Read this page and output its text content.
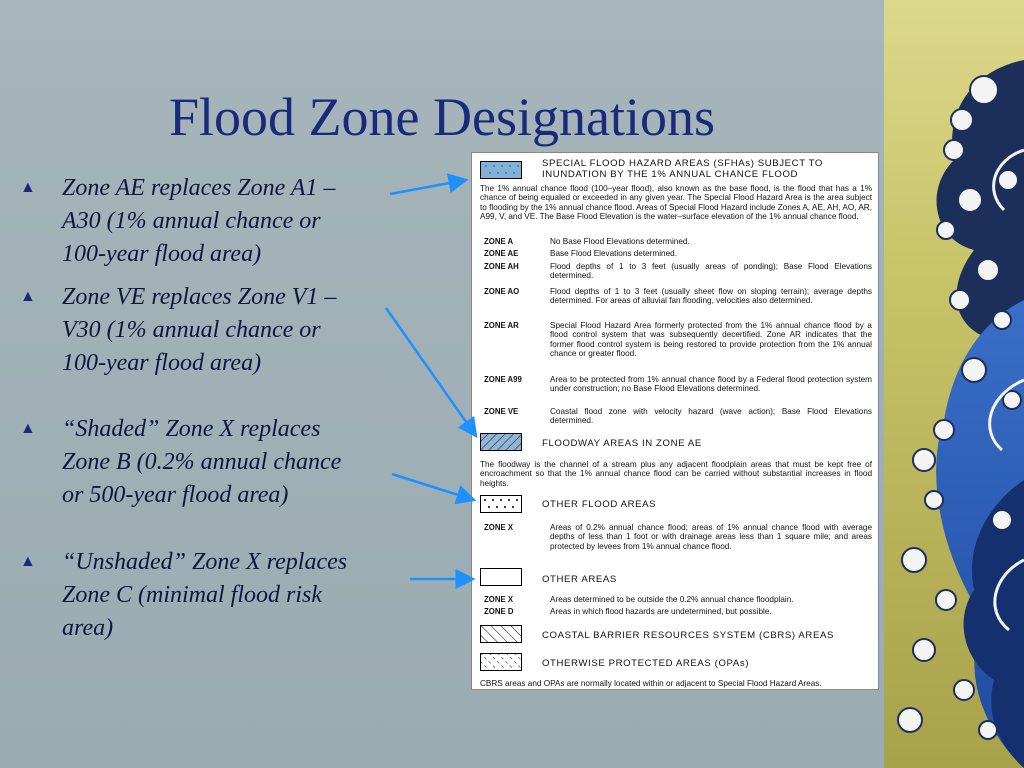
Flood Zone Designations
▲ Zone AE replaces Zone A1 –
A30 (1% annual chance or
100-year flood area)
▲ Zone VE replaces Zone V1 –
V30 (1% annual chance or
100-year flood area)
▲ “Shaded” Zone X replaces
Zone B (0.2% annual chance
or 500-year flood area)
▲ “Unshaded” Zone X replaces
Zone C (minimal flood risk
area)
SPECIAL FLOOD HAZARD AREAS (SFHAs) SUBJECT TO INUNDATION BY THE 1% ANNUAL CHANCE FLOOD
The 1% annual chance flood (100–year flood), also known as the base flood, is the flood that has a 1% chance of being equaled or exceeded in any given year. The Special Flood Hazard Area is the area subject to flooding by the 1% annual chance flood. Areas of Special Flood Hazard include Zones A, AE, AH, AO, AR, A99, V, and VE. The Base Flood Elevation is the water–surface elevation of the 1% annual chance flood.
ZONE A	No Base Flood Elevations determined.
ZONE AE	Base Flood Elevations determined.
ZONE AH	Flood depths of 1 to 3 feet (usually areas of ponding); Base Flood Elevations determined.
ZONE AO	Flood depths of 1 to 3 feet (usually sheet flow on sloping terrain); average depths determined. For areas of alluvial fan flooding, velocities also determined.
ZONE AR	Special Flood Hazard Area formerly protected from the 1% annual chance flood by a flood control system that was subsequently decertified. Zone AR indicates that the former flood control system is being restored to provide protection from the 1% annual chance or greater flood.
ZONE A99	Area to be protected from 1% annual chance flood by a Federal flood protection system under construction; no Base Flood Elevations determined.
ZONE VE	Coastal flood zone with velocity hazard (wave action); Base Flood Elevations determined.
FLOODWAY AREAS IN ZONE AE
The floodway is the channel of a stream plus any adjacent floodplain areas that must be kept free of encroachment so that the 1% annual chance flood can be carried without substantial increases in flood heights.
OTHER FLOOD AREAS
ZONE X	Areas of 0.2% annual chance flood; areas of 1% annual chance flood with average depths of less than 1 foot or with drainage areas less than 1 square mile; and areas protected by levees from 1% annual chance flood.
OTHER AREAS
ZONE X	Areas determined to be outside the 0.2% annual chance floodplain.
ZONE D	Areas in which flood hazards are undetermined, but possible.
COASTAL BARRIER RESOURCES SYSTEM (CBRS) AREAS
OTHERWISE PROTECTED AREAS (OPAs)
CBRS areas and OPAs are normally located within or adjacent to Special Flood Hazard Areas.
